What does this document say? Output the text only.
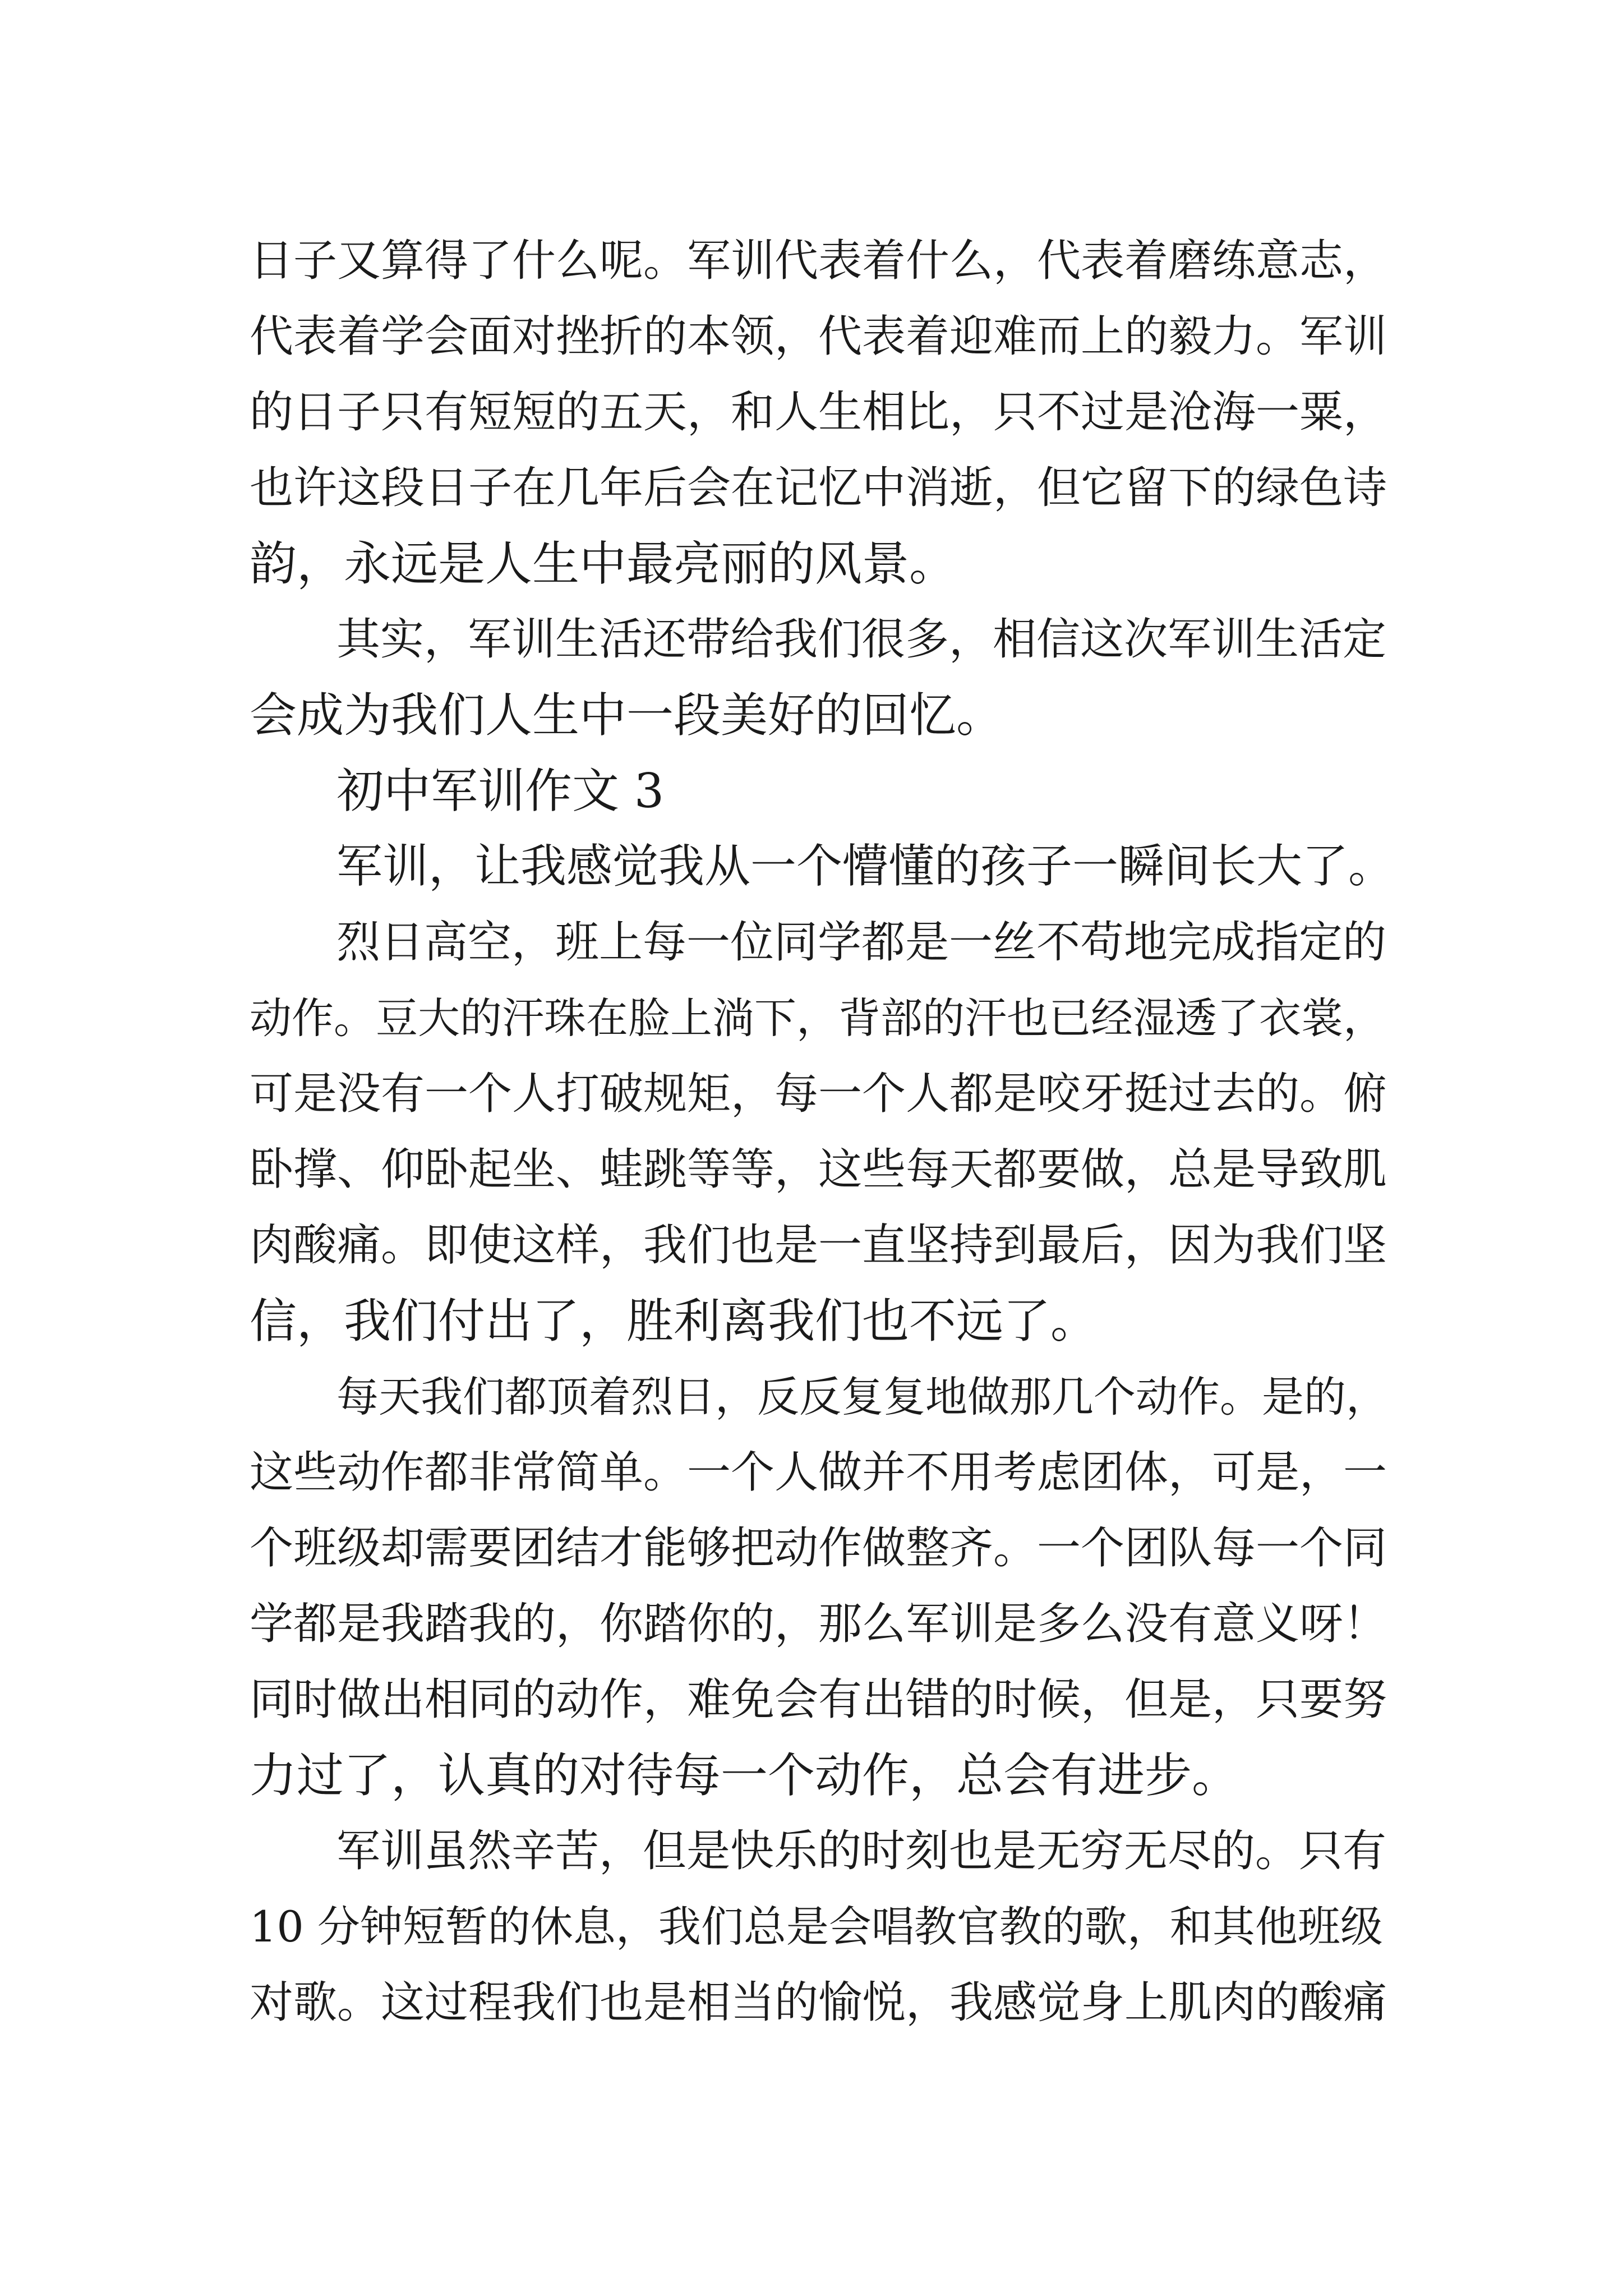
日子又算得了什么呢。军训代表着什么，代表着磨练意志，
代表着学会面对挫折的本领，代表着迎难而上的毅力。军训
的日子只有短短的五天，和人生相比，只不过是沧海一粟，
也许这段日子在几年后会在记忆中消逝，但它留下的绿色诗
韵，永远是人生中最亮丽的风景。
其实，军训生活还带给我们很多，相信这次军训生活定
会成为我们人生中一段美好的回忆。
初中军训作文 3
军训，让我感觉我从一个懵懂的孩子一瞬间长大了。
烈日高空，班上每一位同学都是一丝不苟地完成指定的
动作。豆大的汗珠在脸上淌下，背部的汗也已经湿透了衣裳，
可是没有一个人打破规矩，每一个人都是咬牙挺过去的。俯
卧撑、仰卧起坐、蛙跳等等，这些每天都要做，总是导致肌
肉酸痛。即使这样，我们也是一直坚持到最后，因为我们坚
信，我们付出了，胜利离我们也不远了。
每天我们都顶着烈日，反反复复地做那几个动作。是的，
这些动作都非常简单。一个人做并不用考虑团体，可是，一
个班级却需要团结才能够把动作做整齐。一个团队每一个同
学都是我踏我的，你踏你的，那么军训是多么没有意义呀！
同时做出相同的动作，难免会有出错的时候，但是，只要努
力过了，认真的对待每一个动作，总会有进步。
军训虽然辛苦，但是快乐的时刻也是无穷无尽的。只有
10 分钟短暂的休息，我们总是会唱教官教的歌，和其他班级
对歌。这过程我们也是相当的愉悦，我感觉身上肌肉的酸痛
